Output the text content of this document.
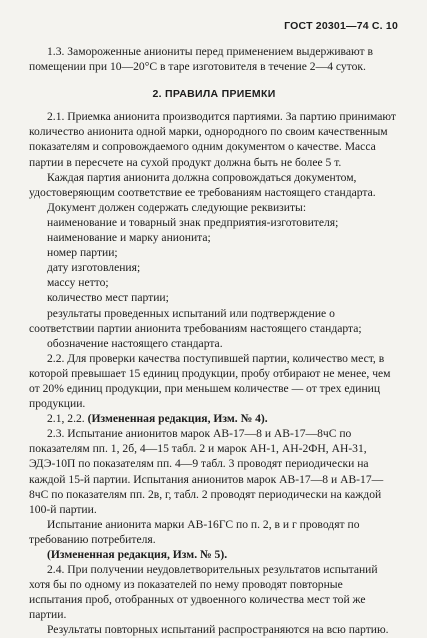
ГОСТ 20301—74 С. 10

1.3. Замороженные аниониты перед применением выдерживают в помещении при 10—20°С в таре изготовителя в течение 2—4 суток.

2. ПРАВИЛА ПРИЕМКИ

2.1. Приемка анионита производится партиями. За партию принимают количество анионита одной марки, однородного по своим качественным показателям и сопровождаемого одним документом о качестве. Масса партии в пересчете на сухой продукт должна быть не более 5 т.

Каждая партия анионита должна сопровождаться документом, удостоверяющим соответствие ее требованиям настоящего стандарта.

Документ должен содержать следующие реквизиты:

наименование и товарный знак предприятия-изготовителя;

наименование и марку анионита;

номер партии;

дату изготовления;

массу нетто;

количество мест партии;

результаты проведенных испытаний или подтверждение о соответствии партии анионита требованиям настоящего стандарта;

обозначение настоящего стандарта.

2.2. Для проверки качества поступившей партии, количество мест, в которой превышает 15 единиц продукции, пробу отбирают не менее, чем от 20% единиц продукции, при меньшем количестве — от трех единиц продукции.

2.1, 2.2. (Измененная редакция, Изм. № 4).

2.3. Испытание анионитов марок АВ-17—8 и АВ-17—8чС по показателям пп. 1, 2б, 4—15 табл. 2 и марок АН-1, АН-2ФН, АН-31, ЭДЭ-10П по показателям пп. 4—9 табл. 3 проводят периодически на каждой 15-й партии. Испытания анионитов марок АВ-17—8 и АВ-17—8чС по показателям пп. 2в, г, табл. 2 проводят периодически на каждой 100-й партии.

Испытание анионита марки АВ-16ГС по п. 2, в и г проводят по требованию потребителя.

(Измененная редакция, Изм. № 5).

2.4. При получении неудовлетворительных результатов испытаний хотя бы по одному из показателей по нему проводят повторные испытания проб, отобранных от удвоенного количества мест той же партии.

Результаты повторных испытаний распространяются на всю партию.
